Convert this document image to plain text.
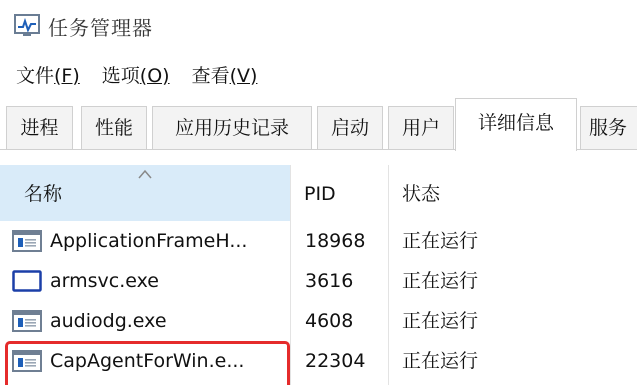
任务管理器
文件(F) 选项(O) 查看(V)
进程	性能	应用历史记录	启动	用户	详细信息	服务
名称	PID	状态
ApplicationFrameH...	18968 正在运行
armsvc.exe	3616	正在运行
audiodg.exe	4608	正在运行
CapAgentForWin.e...	22304 正在运行
